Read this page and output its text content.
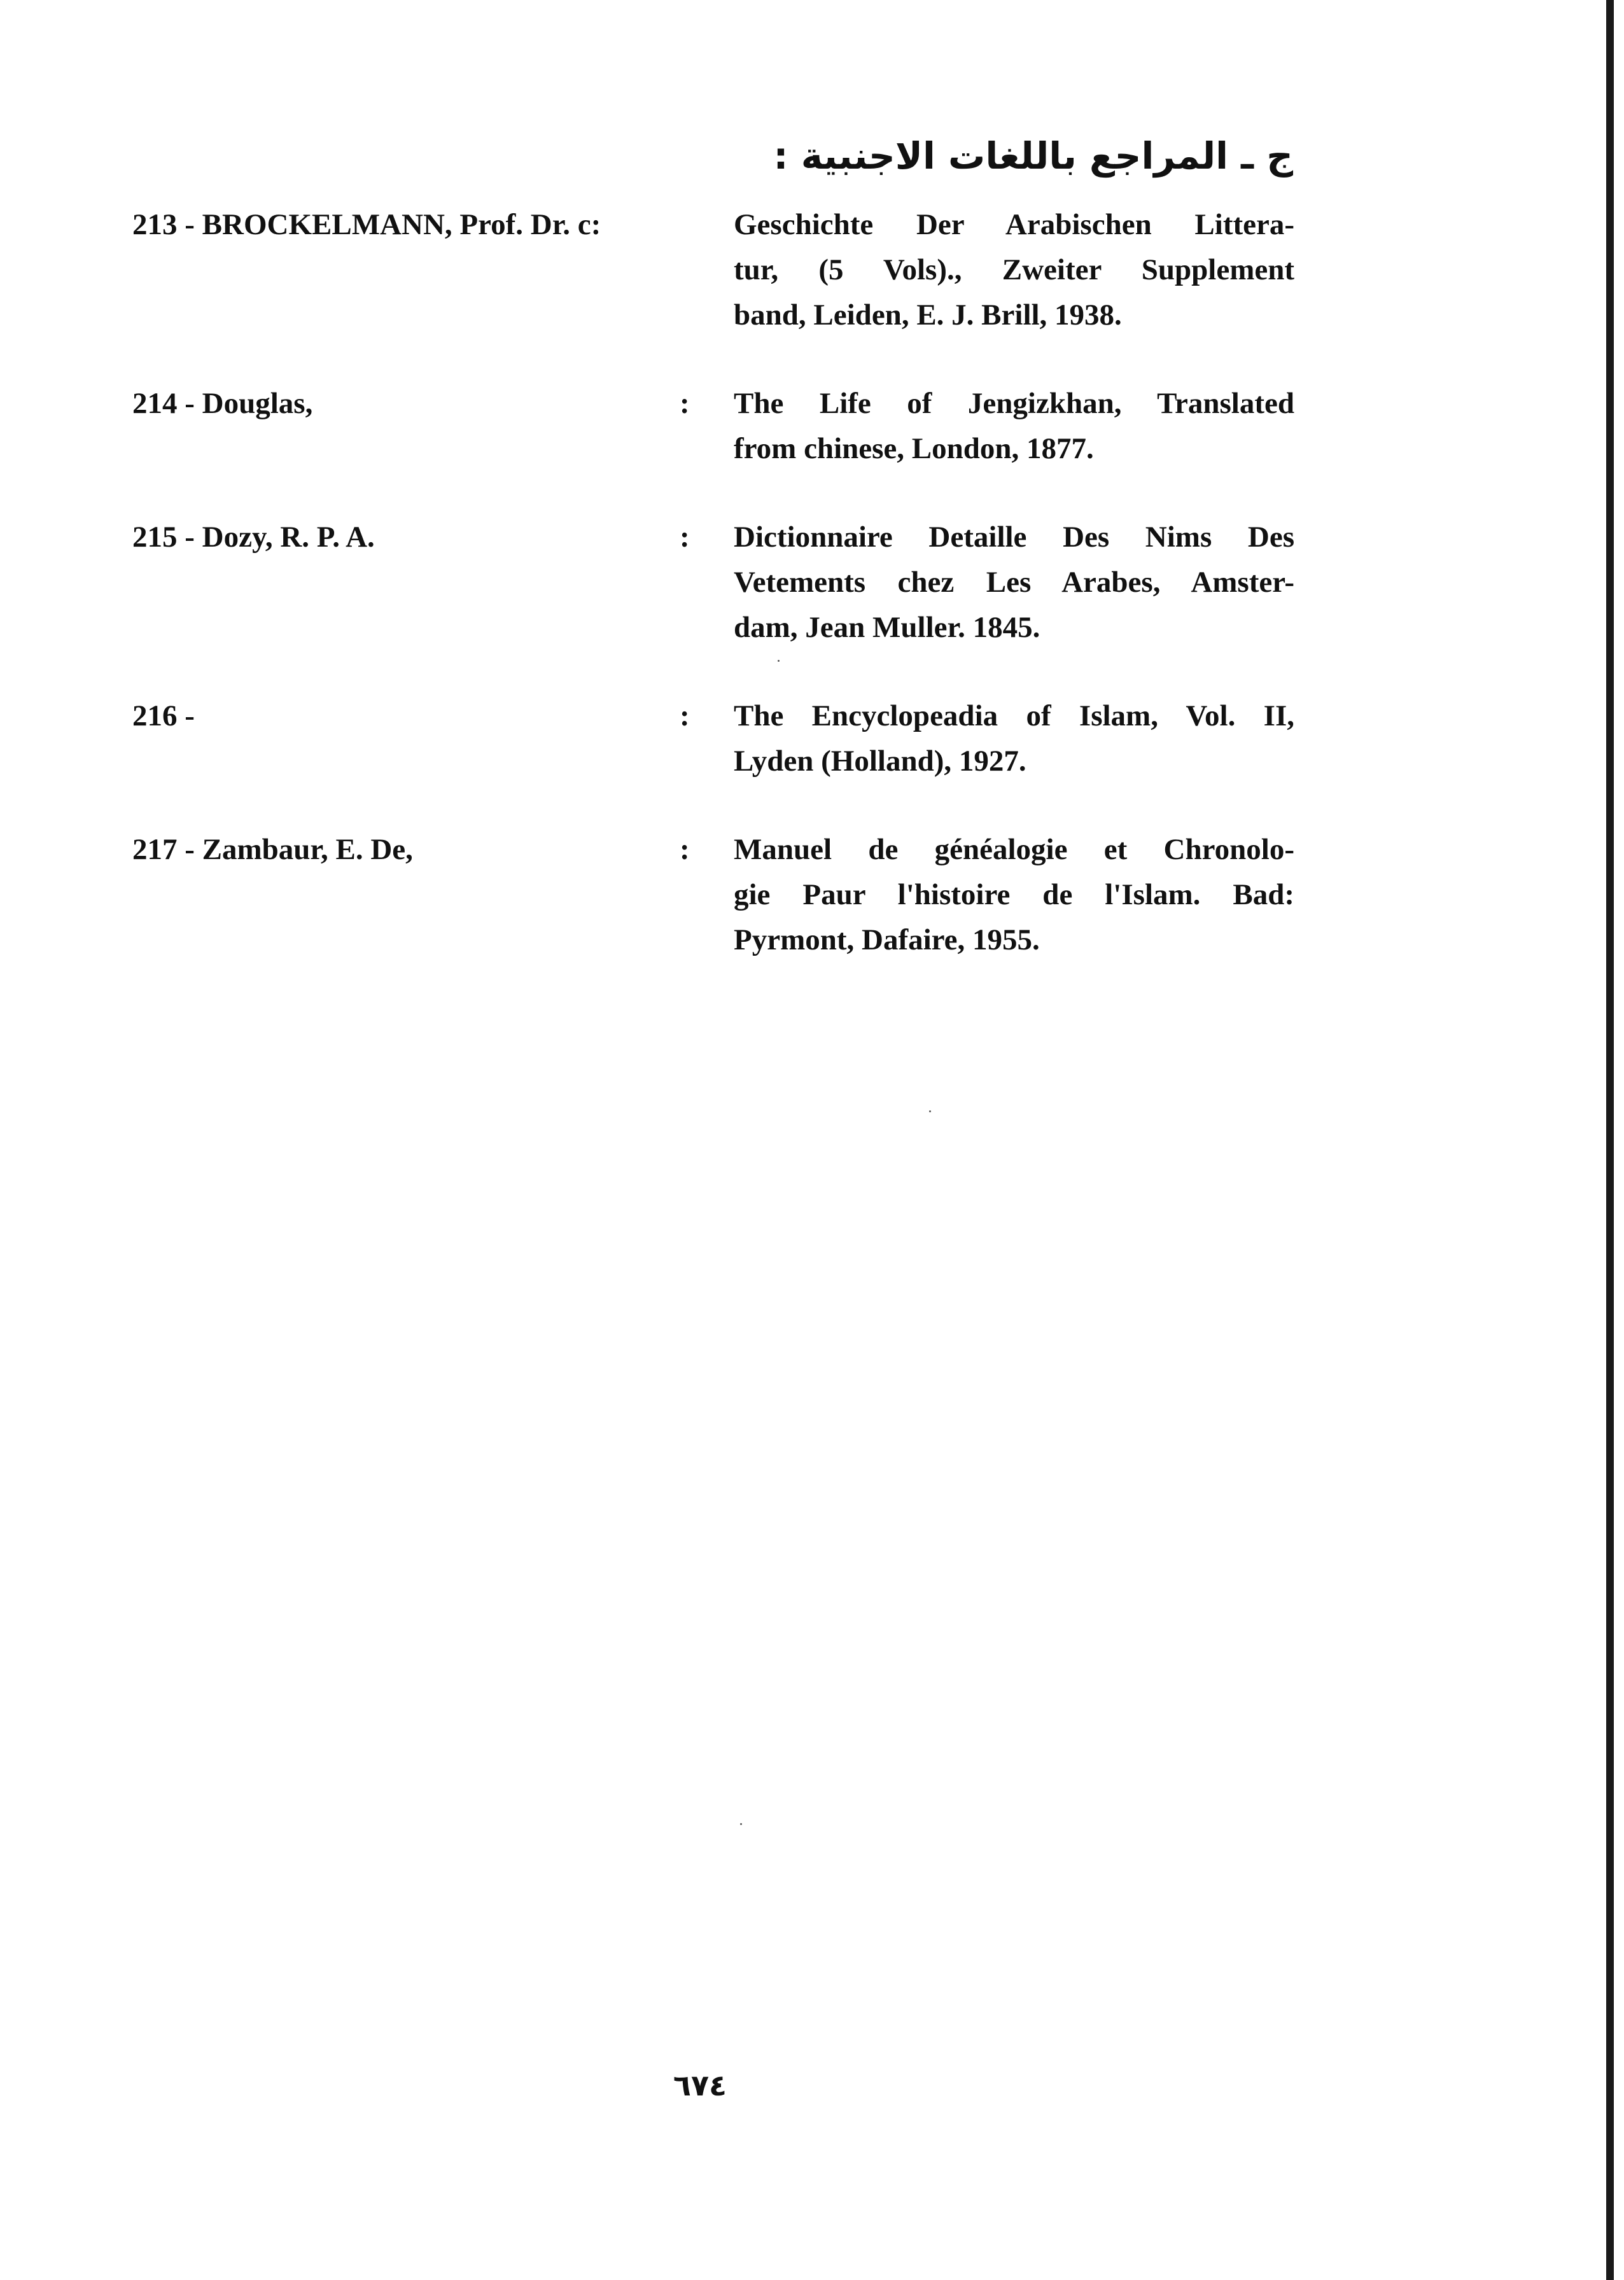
ج ـ المراجع باللغات الاجنبية :
213 - BROCKELMANN, Prof. Dr. c:	Geschichte Der Arabischen Littera-
tur, (5 Vols)., Zweiter Supplement
band, Leiden, E. J. Brill, 1938.
214 - Douglas,	: The Life of Jengizkhan, Translated
from chinese, London, 1877.
215 - Dozy, R. P. A.	: Dictionnaire Detaille Des Nims Des
Vetements chez Les Arabes, Amster-
dam, Jean Muller. 1845.
216 -	: The Encyclopeadia of Islam, Vol. II,
Lyden (Holland), 1927.
217 - Zambaur, E. De,	: Manuel de généalogie et Chronolo-
gie Paur l'histoire de l'Islam. Bad:
Pyrmont, Dafaire, 1955.
٦٧٤
